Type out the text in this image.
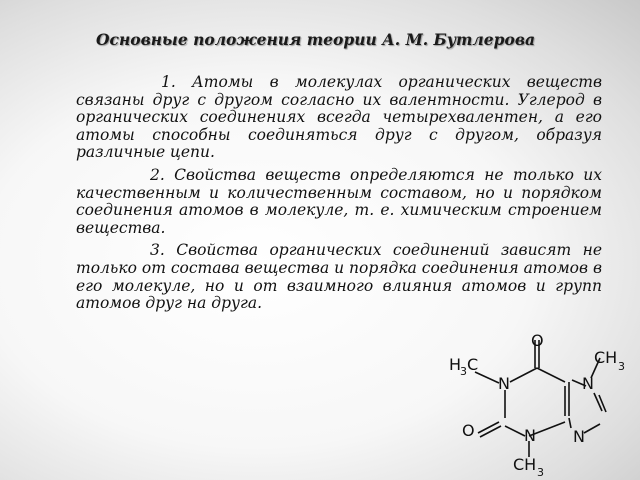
Основные положения теории А. М. Бутлерова

1. Атомы в молекулах органических веществ связаны друг с другом согласно их валентности. Углерод в органических соединениях всегда четырехвалентен, а его атомы способны соединяться друг с другом, образуя различные цепи.

2. Свойства веществ определяются не только их качественным и количественным составом, но и порядком соединения атомов в молекуле, т. е. химическим строением вещества.

3. Свойства органических соединений зависят не только от состава вещества и порядка соединения атомов в его молекуле, но и от взаимного влияния атомов и групп атомов друг на друга.

O
O
N
N
N
N
H
3 C	CH 3
CH 3
